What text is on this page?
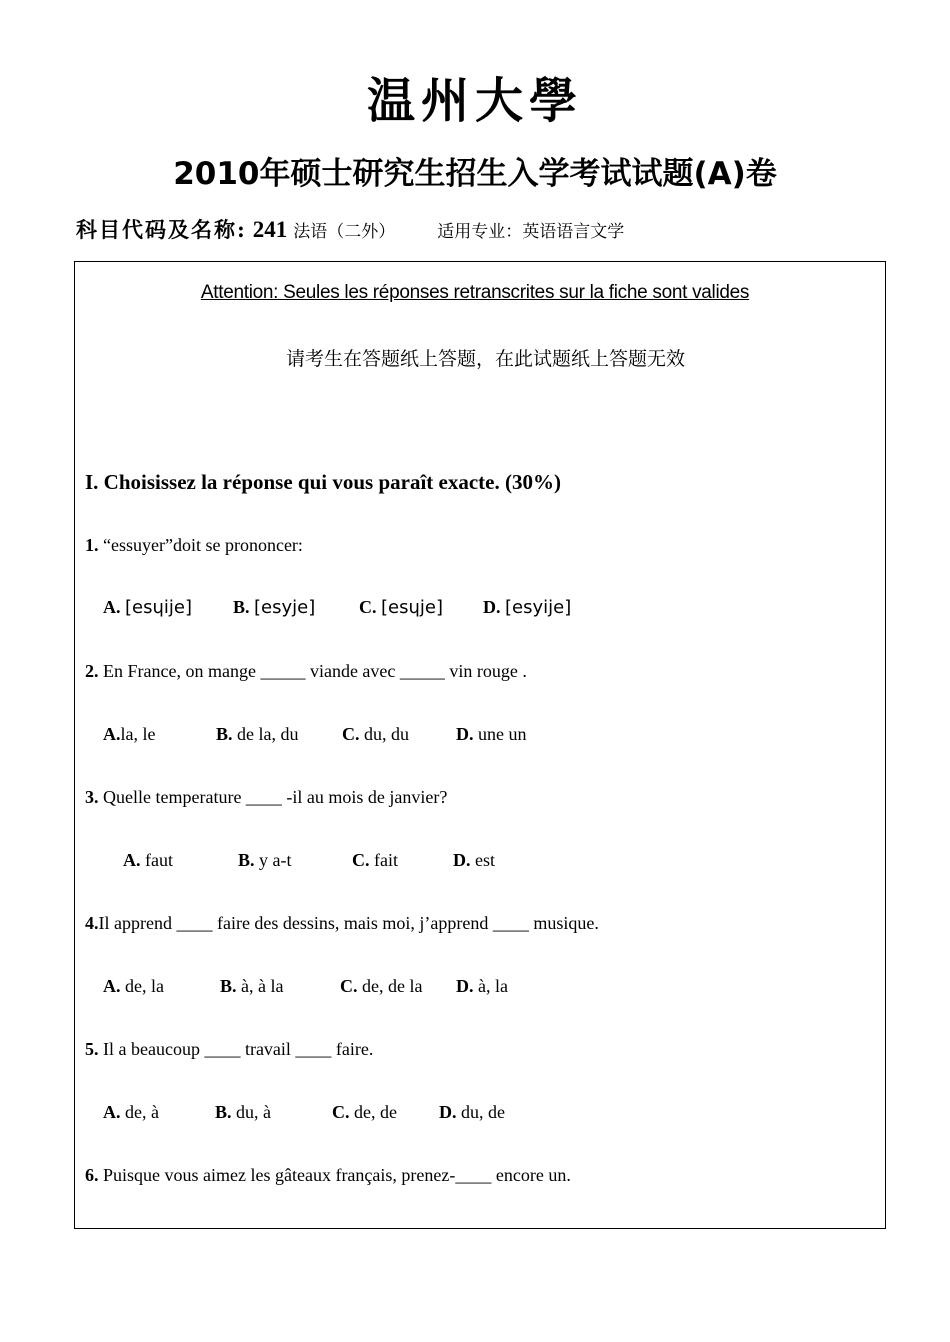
温州大學
2010年硕士研究生招生入学考试试题(A)卷
科目代码及名称: 241 法语（二外） 适用专业：英语语言文学
Attention: Seules les réponses retranscrites sur la fiche sont valides
请考生在答题纸上答题，在此试题纸上答题无效
I. Choisissez la réponse qui vous paraît exacte. (30%)
1. “essuyer”doit se prononcer:
A. [esɥije] B. [esyje] C. [esɥje] D. [esyije]
2. En France, on mange _____ viande avec _____ vin rouge .
A.la, le	B. de la, du C. du, du	D. une un
3. Quelle temperature ____ -il au mois de janvier?
A. faut	B. y a-t	C. fait	D. est
4.Il apprend ____ faire des dessins, mais moi, j’apprend ____ musique.
A. de, la	B. à, à la	C. de, de la D. à, la
5. Il a beaucoup ____ travail ____ faire.
A. de, à	B. du, à	C. de, de D. du, de
6. Puisque vous aimez les gâteaux français, prenez-____ encore un.
